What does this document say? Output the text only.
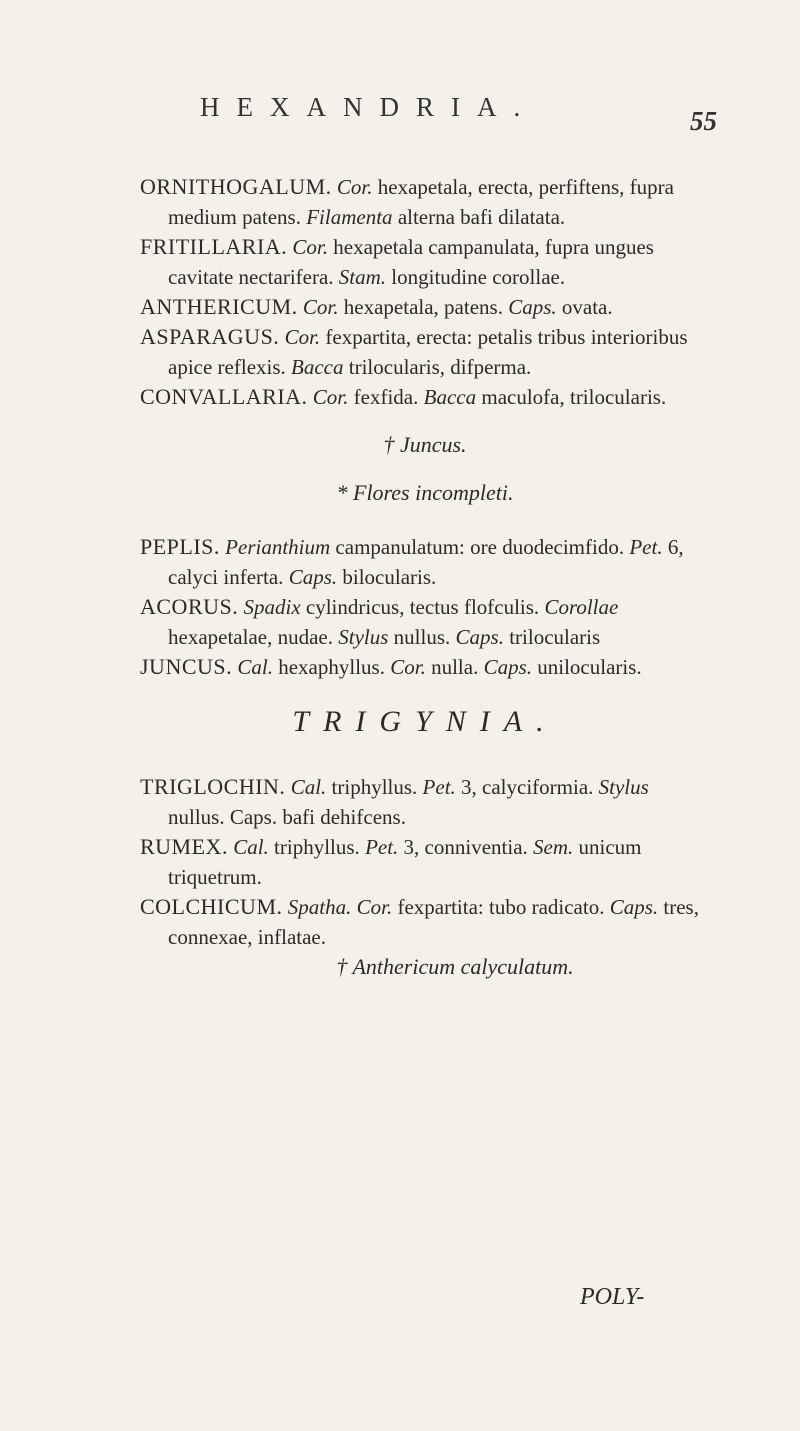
HEXANDRIA.	55

ORNITHOGALUM. Cor. hexapetala, erecta, perfiftens, fupra medium patens. Filamenta alterna bafi dilatata.

FRITILLARIA. Cor. hexapetala campanulata, fupra ungues cavitate nectarifera. Stam. longitudine corollae.

ANTHERICUM. Cor. hexapetala, patens. Caps. ovata.

ASPARAGUS. Cor. fexpartita, erecta: petalis tribus interioribus apice reflexis. Bacca trilocularis, difperma.

CONVALLARIA. Cor. fexfida. Bacca maculofa, trilocularis.

† Juncus.

* Flores incompleti.

PEPLIS. Perianthium campanulatum: ore duodecimfido. Pet. 6, calyci inferta. Caps. bilocularis.

ACORUS. Spadix cylindricus, tectus flofculis. Corollae hexapetalae, nudae. Stylus nullus. Caps. trilocularis

JUNCUS. Cal. hexaphyllus. Cor. nulla. Caps. unilocularis.

TRIGYNIA.

TRIGLOCHIN. Cal. triphyllus. Pet. 3, calyciformia. Stylus nullus. Caps. bafi dehifcens.

RUMEX. Cal. triphyllus. Pet. 3, conniventia. Sem. unicum triquetrum.

COLCHICUM. Spatha. Cor. fexpartita: tubo radicato. Caps. tres, connexae, inflatae.

† Anthericum calyculatum.

POLY-
